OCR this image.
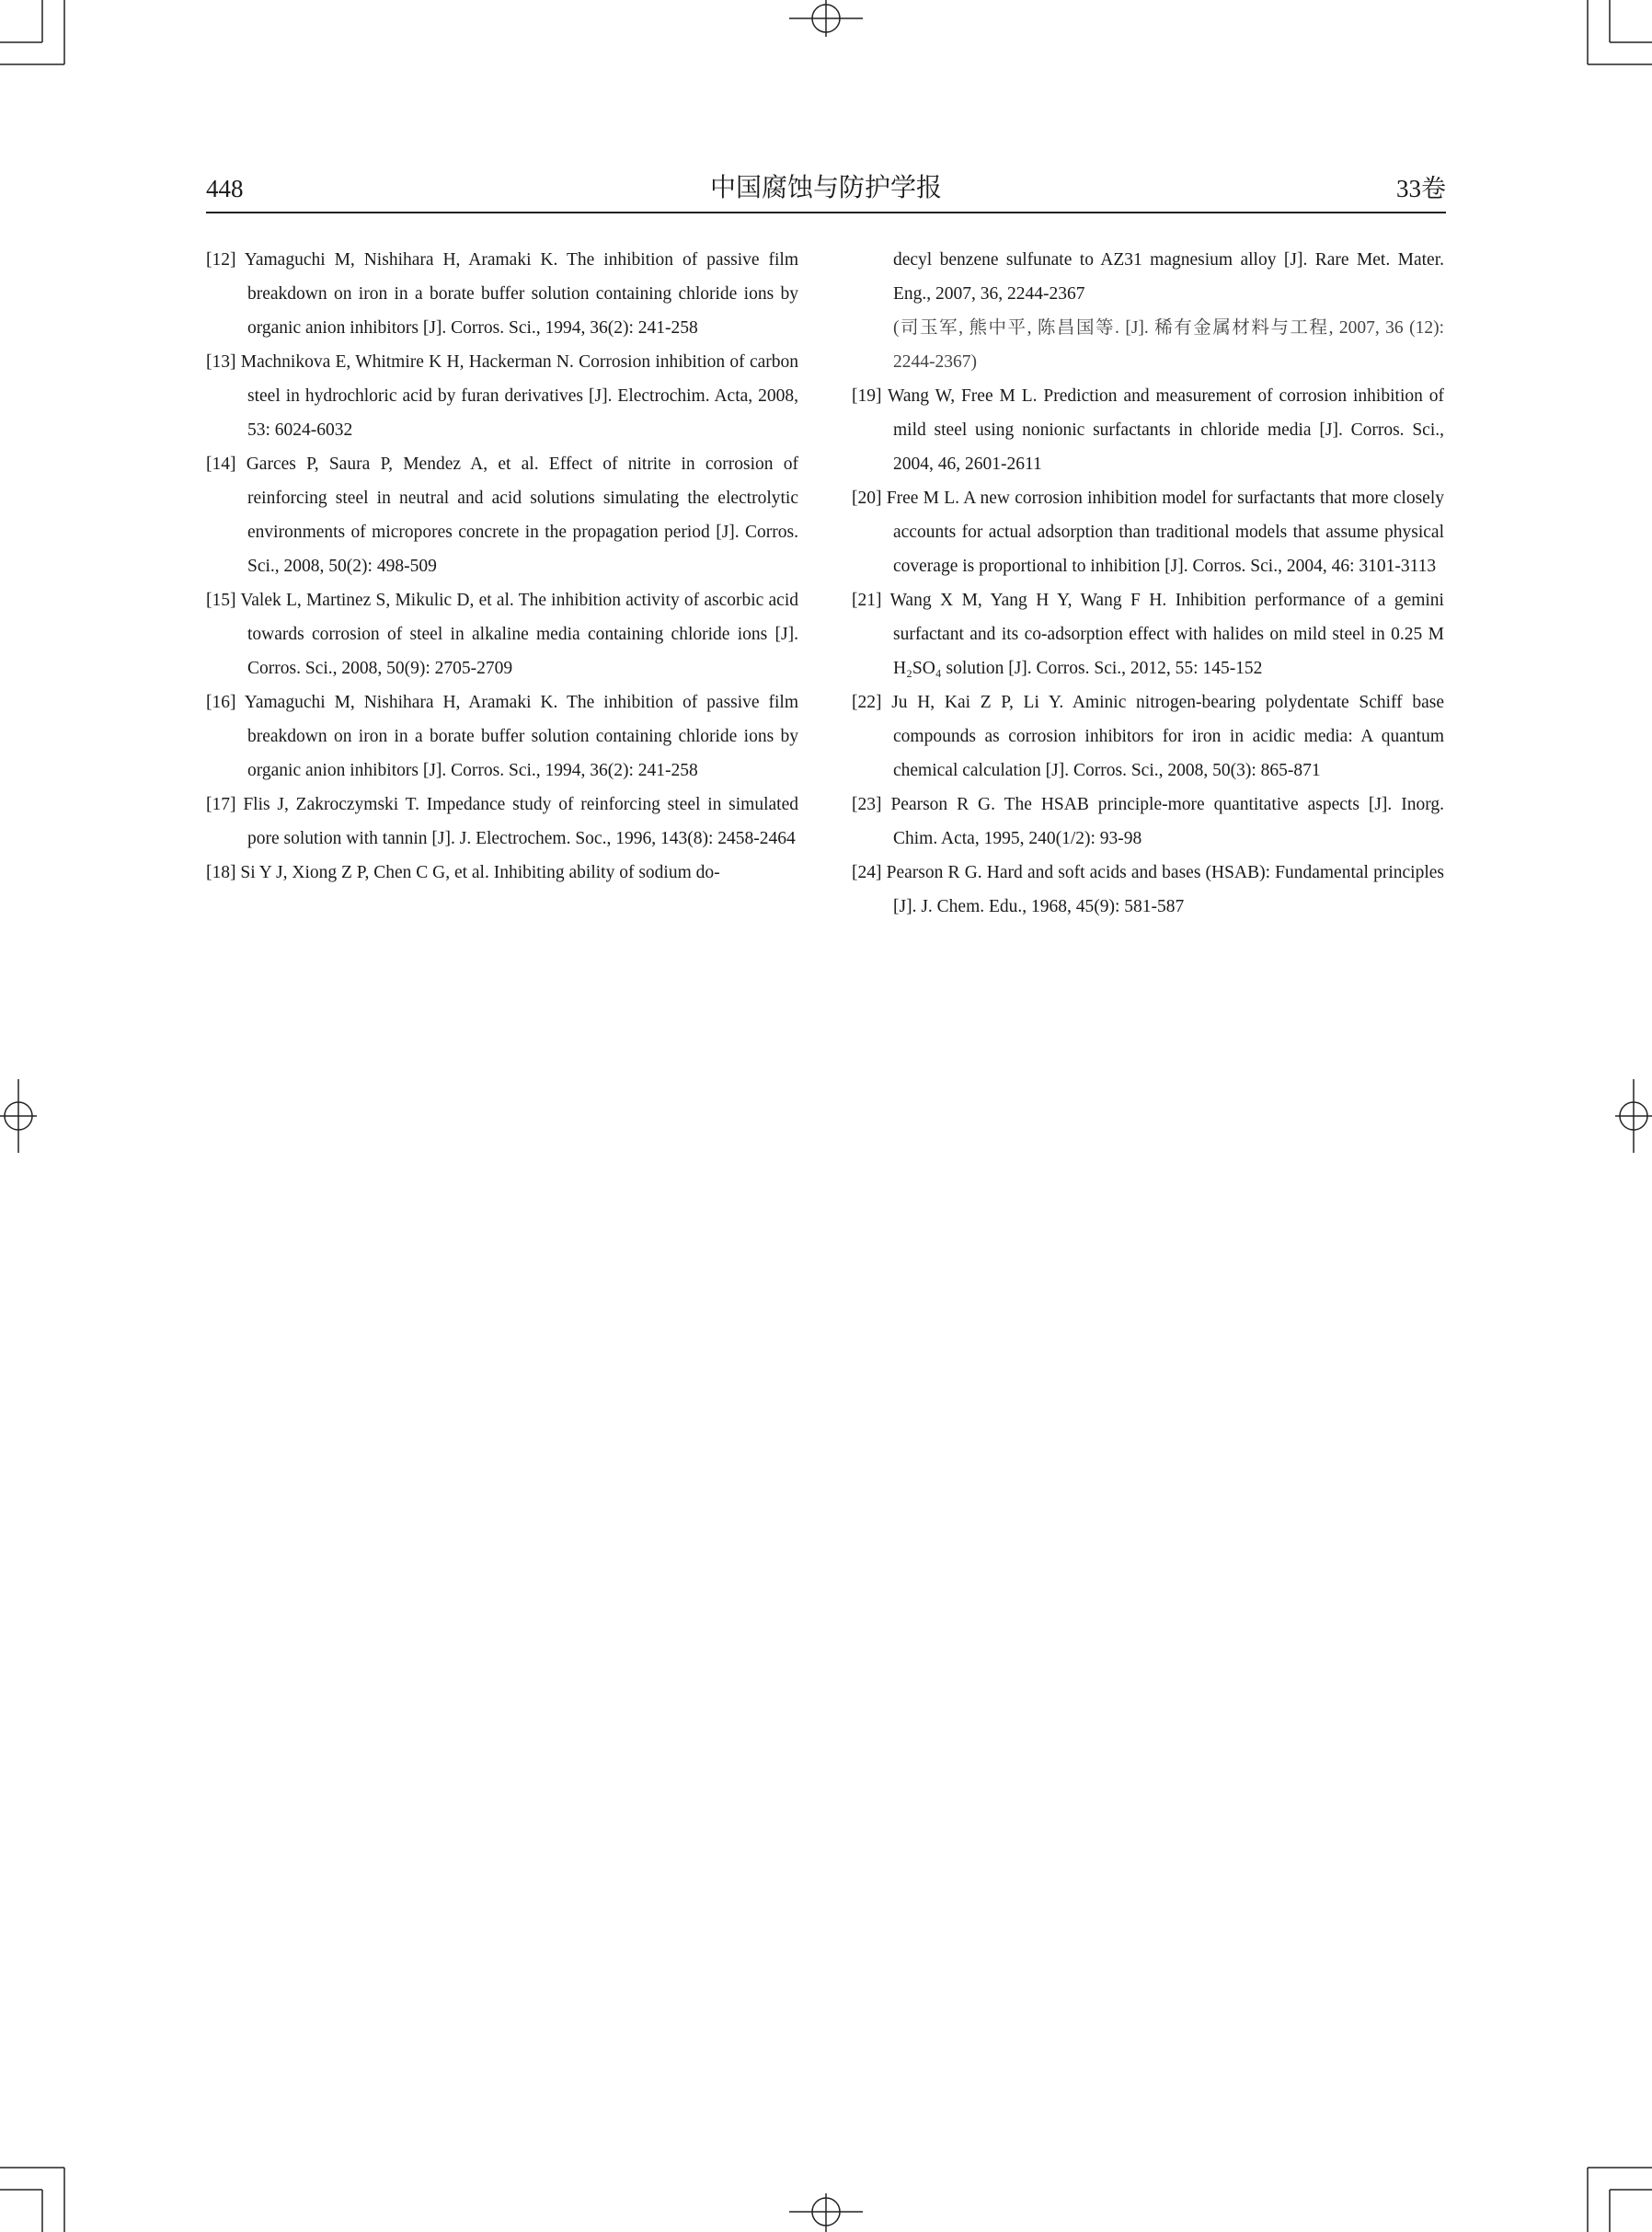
448	中国腐蚀与防护学报	33卷

[12] Yamaguchi M, Nishihara H, Aramaki K. The inhibition of passive film breakdown on iron in a borate buffer solution containing chloride ions by organic anion inhibitors [J]. Corros. Sci., 1994, 36(2): 241-258

[13] Machnikova E, Whitmire K H, Hackerman N. Corrosion inhibition of carbon steel in hydrochloric acid by furan derivatives [J]. Electrochim. Acta, 2008, 53: 6024-6032

[14] Garces P, Saura P, Mendez A, et al. Effect of nitrite in corrosion of reinforcing steel in neutral and acid solutions simulating the electrolytic environments of micropores concrete in the propagation period [J]. Corros. Sci., 2008, 50(2): 498-509

[15] Valek L, Martinez S, Mikulic D, et al. The inhibition activity of ascorbic acid towards corrosion of steel in alkaline media containing chloride ions [J]. Corros. Sci., 2008, 50(9): 2705-2709

[16] Yamaguchi M, Nishihara H, Aramaki K. The inhibition of passive film breakdown on iron in a borate buffer solution containing chloride ions by organic anion inhibitors [J]. Corros. Sci., 1994, 36(2): 241-258

[17] Flis J, Zakroczymski T. Impedance study of reinforcing steel in simulated pore solution with tannin [J]. J. Electrochem. Soc., 1996, 143(8): 2458-2464

[18] Si Y J, Xiong Z P, Chen C G, et al. Inhibiting ability of sodium do-

decyl benzene sulfunate to AZ31 magnesium alloy [J]. Rare Met. Mater. Eng., 2007, 36, 2244-2367

(司玉军, 熊中平, 陈昌国等. [J]. 稀有金属材料与工程, 2007, 36 (12): 2244-2367)

[19] Wang W, Free M L. Prediction and measurement of corrosion inhibition of mild steel using nonionic surfactants in chloride media [J]. Corros. Sci., 2004, 46, 2601-2611

[20] Free M L. A new corrosion inhibition model for surfactants that more closely accounts for actual adsorption than traditional models that assume physical coverage is proportional to inhibition [J]. Corros. Sci., 2004, 46: 3101-3113

[21] Wang X M, Yang H Y, Wang F H. Inhibition performance of a gemini surfactant and its co-adsorption effect with halides on mild steel in 0.25 M H₂SO₄ solution [J]. Corros. Sci., 2012, 55: 145-152

[22] Ju H, Kai Z P, Li Y. Aminic nitrogen-bearing polydentate Schiff base compounds as corrosion inhibitors for iron in acidic media: A quantum chemical calculation [J]. Corros. Sci., 2008, 50(3): 865-871

[23] Pearson R G. The HSAB principle-more quantitative aspects [J]. Inorg. Chim. Acta, 1995, 240(1/2): 93-98

[24] Pearson R G. Hard and soft acids and bases (HSAB): Fundamental principles [J]. J. Chem. Edu., 1968, 45(9): 581-587
